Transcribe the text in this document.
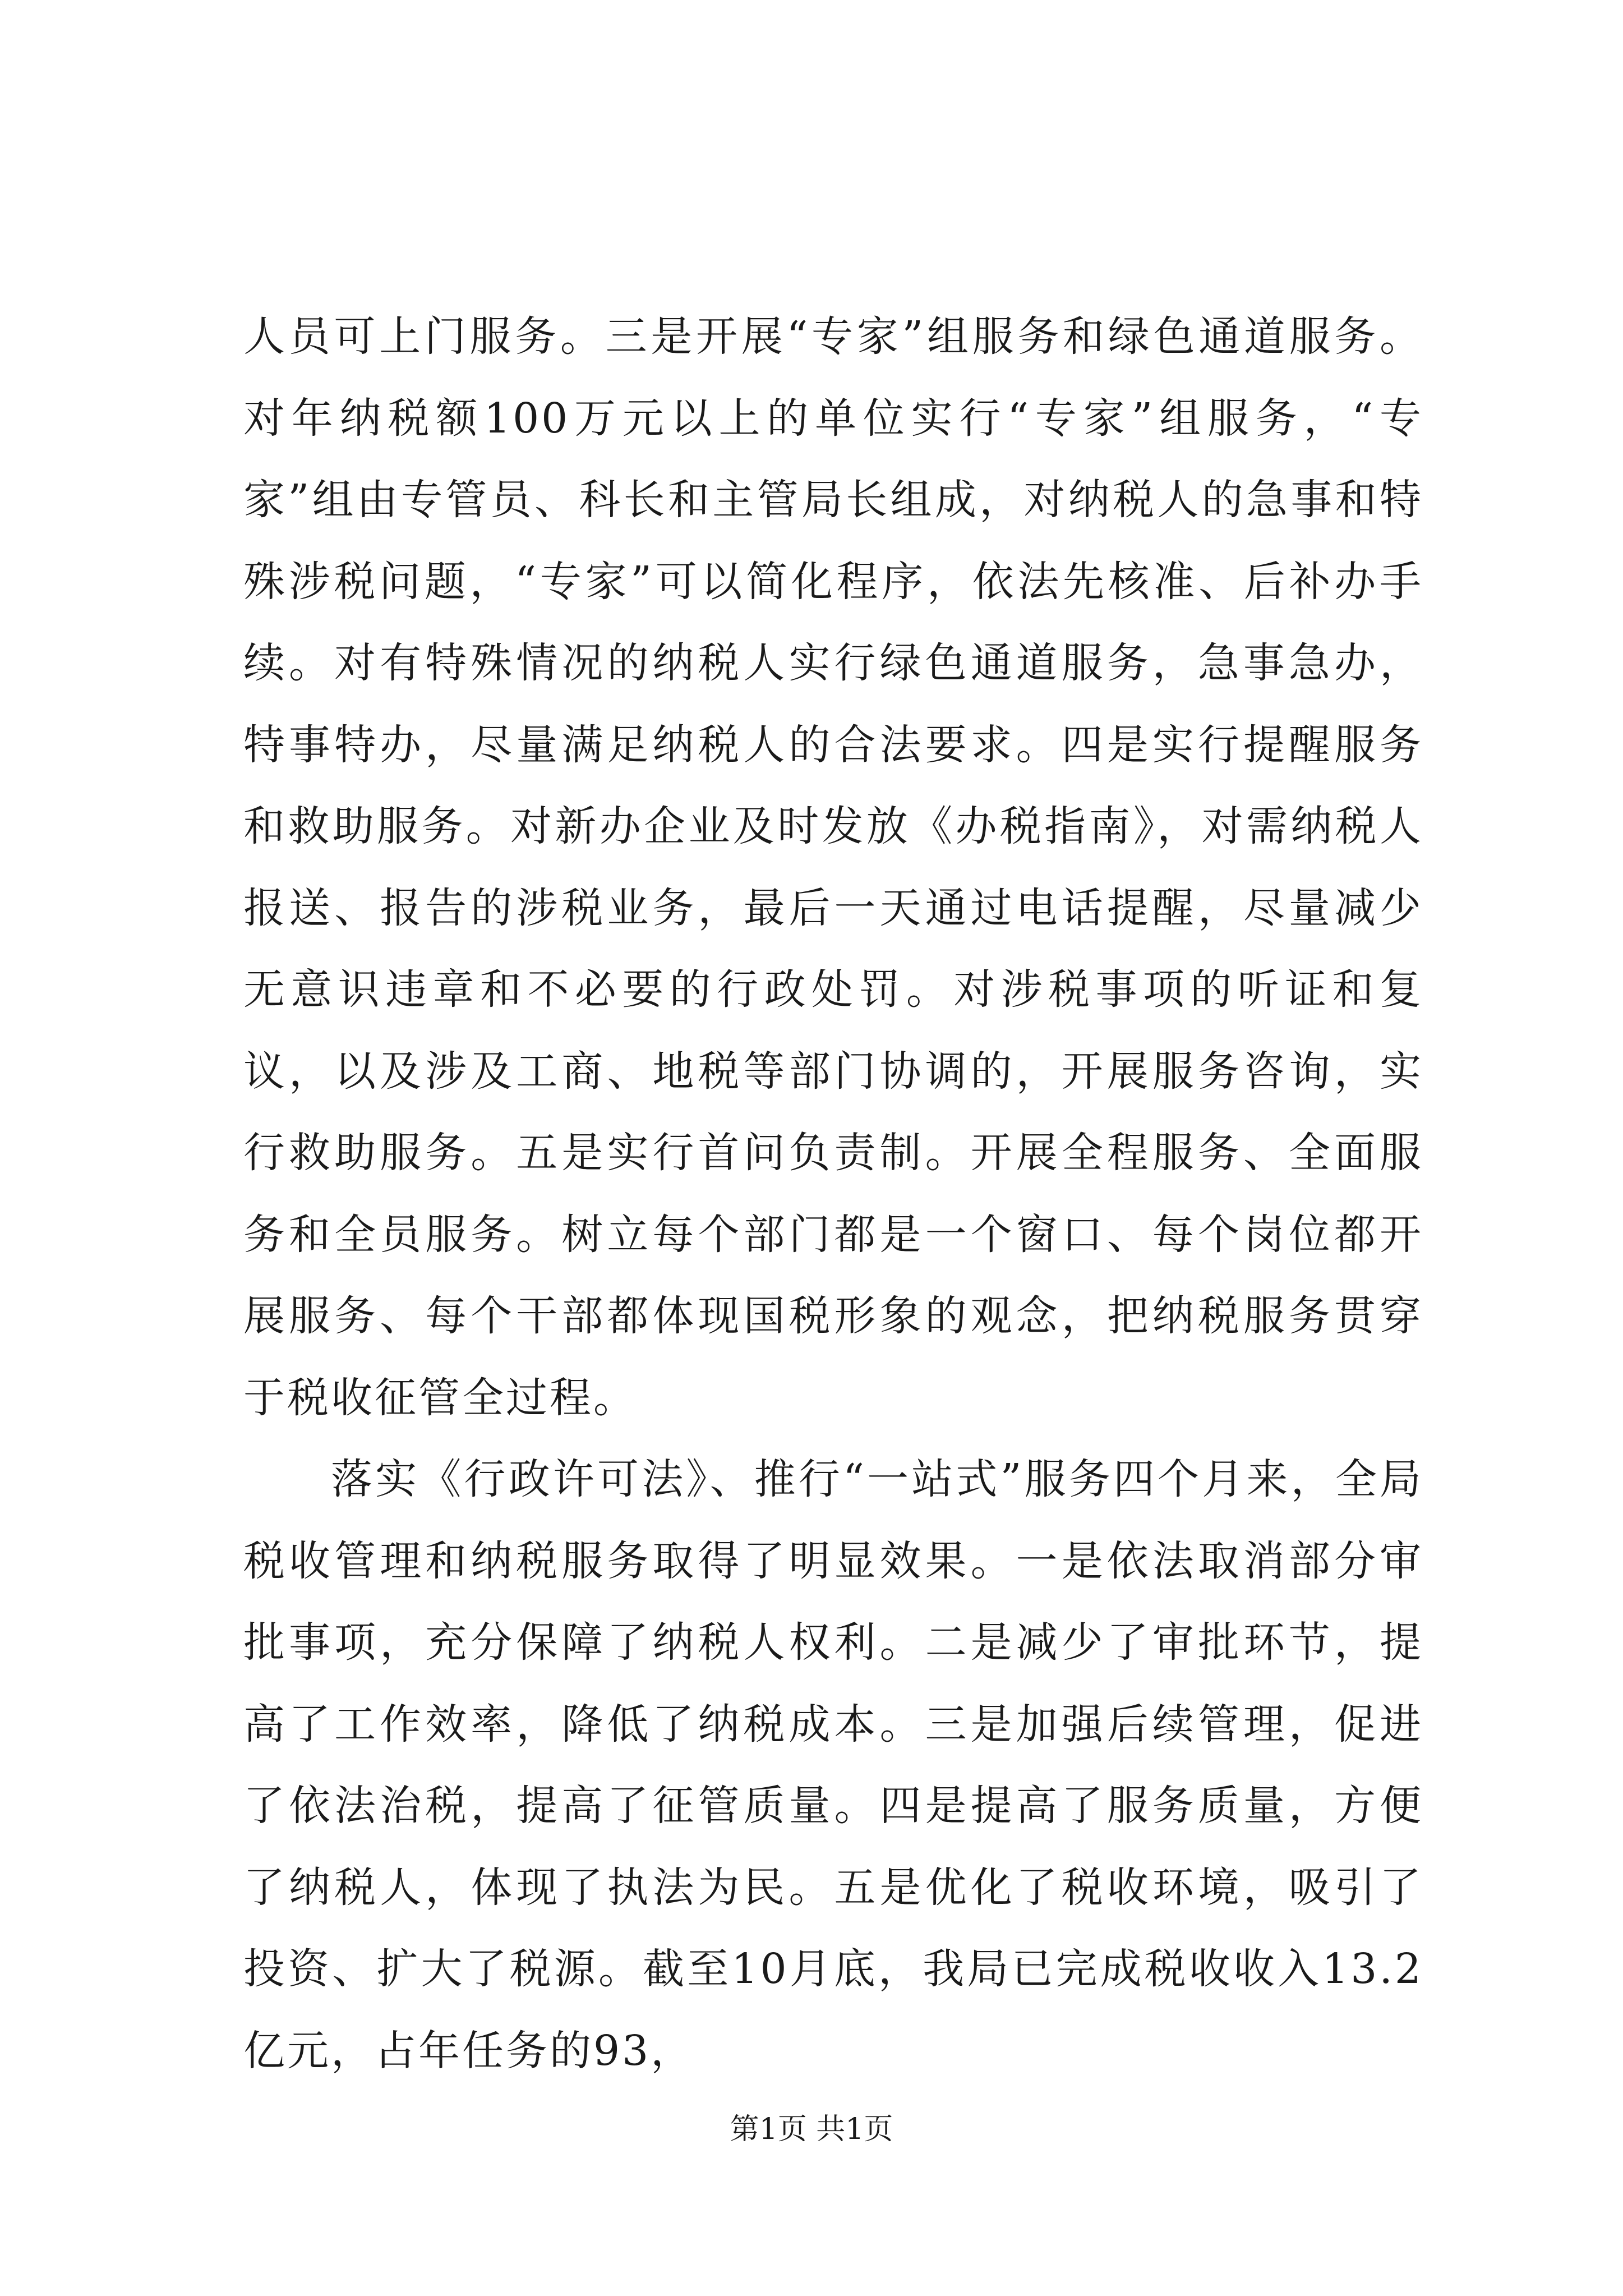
人员可上门服务。三是开展“专家”组服务和绿色通道服务。对年纳税额100万元以上的单位实行“专家”组服务，“专家”组由专管员、科长和主管局长组成，对纳税人的急事和特殊涉税问题，“专家”可以简化程序，依法先核准、后补办手续。对有特殊情况的纳税人实行绿色通道服务，急事急办，特事特办，尽量满足纳税人的合法要求。四是实行提醒服务和救助服务。对新办企业及时发放《办税指南》，对需纳税人报送、报告的涉税业务，最后一天通过电话提醒，尽量减少无意识违章和不必要的行政处罚。对涉税事项的听证和复议，以及涉及工商、地税等部门协调的，开展服务咨询，实行救助服务。五是实行首问负责制。开展全程服务、全面服务和全员服务。树立每个部门都是一个窗口、每个岗位都开展服务、每个干部都体现国税形象的观念，把纳税服务贯穿于税收征管全过程。

落实《行政许可法》、推行“一站式”服务四个月来，全局税收管理和纳税服务取得了明显效果。一是依法取消部分审批事项，充分保障了纳税人权利。二是减少了审批环节，提高了工作效率，降低了纳税成本。三是加强后续管理，促进了依法治税，提高了征管质量。四是提高了服务质量，方便了纳税人，体现了执法为民。五是优化了税收环境，吸引了投资、扩大了税源。截至10月底，我局已完成税收收入13.2亿元，占年任务的93，

第1页 共1页
